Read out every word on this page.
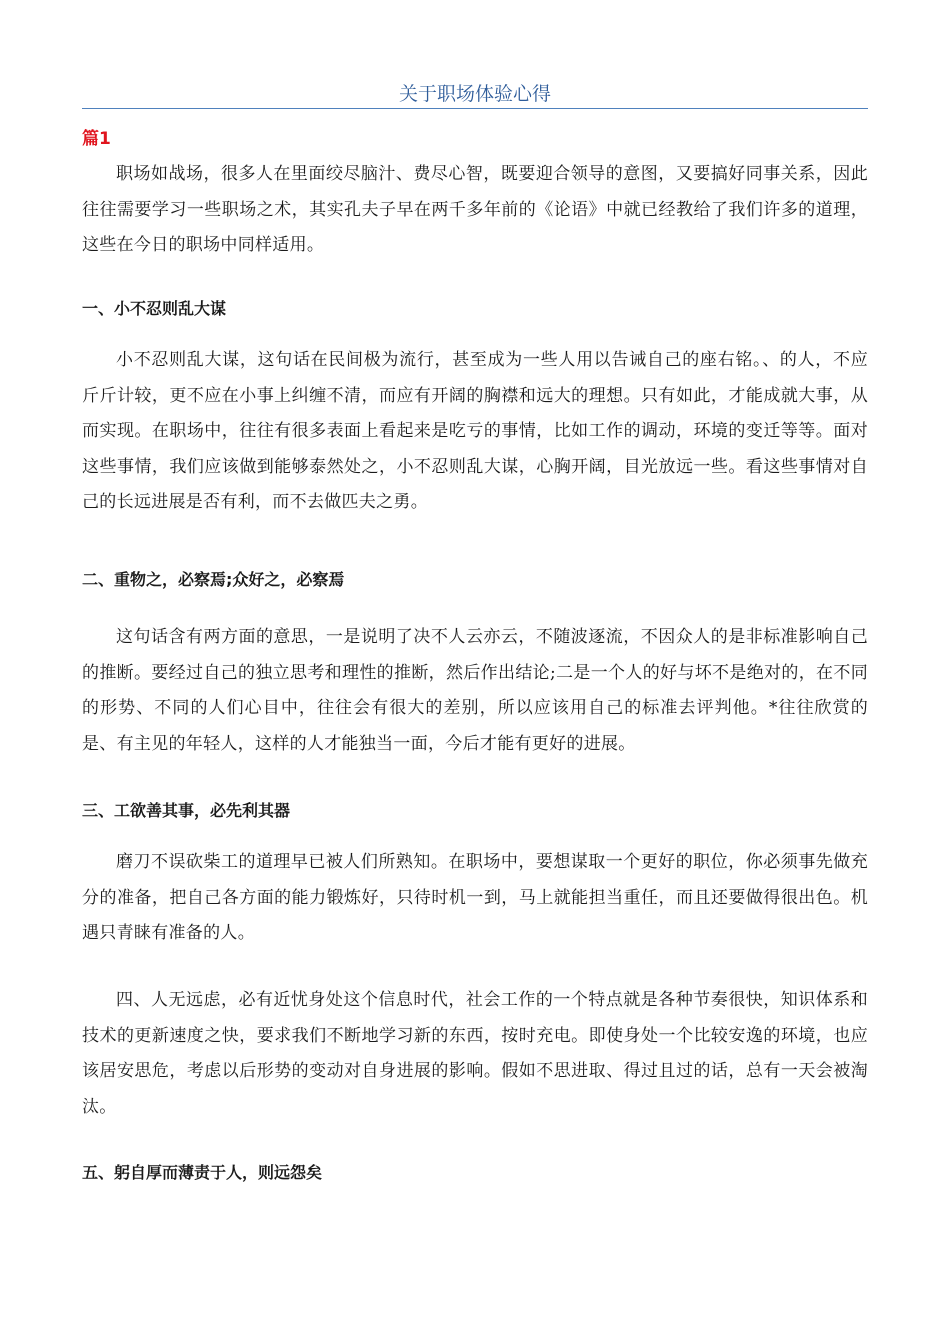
关于职场体验心得
篇1

职场如战场，很多人在里面绞尽脑汁、费尽心智，既要迎合领导的意图，又要搞好同事关系，因此往往需要学习一些职场之术，其实孔夫子早在两千多年前的《论语》中就已经教给了我们许多的道理，这些在今日的职场中同样适用。

一、小不忍则乱大谋

小不忍则乱大谋，这句话在民间极为流行，甚至成为一些人用以告诫自己的座右铭。、的人，不应斤斤计较，更不应在小事上纠缠不清，而应有开阔的胸襟和远大的理想。只有如此，才能成就大事，从而实现。在职场中，往往有很多表面上看起来是吃亏的事情，比如工作的调动，环境的变迁等等。面对这些事情，我们应该做到能够泰然处之，小不忍则乱大谋，心胸开阔，目光放远一些。看这些事情对自己的长远进展是否有利，而不去做匹夫之勇。

二、重物之，必察焉;众好之，必察焉

这句话含有两方面的意思，一是说明了决不人云亦云，不随波逐流，不因众人的是非标准影响自己的推断。要经过自己的独立思考和理性的推断，然后作出结论;二是一个人的好与坏不是绝对的，在不同的形势、不同的人们心目中，往往会有很大的差别，所以应该用自己的标准去评判他。*往往欣赏的是、有主见的年轻人，这样的人才能独当一面，今后才能有更好的进展。

三、工欲善其事，必先利其器

磨刀不误砍柴工的道理早已被人们所熟知。在职场中，要想谋取一个更好的职位，你必须事先做充分的准备，把自己各方面的能力锻炼好，只待时机一到，马上就能担当重任，而且还要做得很出色。机遇只青睐有准备的人。

四、人无远虑，必有近忧身处这个信息时代，社会工作的一个特点就是各种节奏很快，知识体系和技术的更新速度之快，要求我们不断地学习新的东西，按时充电。即使身处一个比较安逸的环境，也应该居安思危，考虑以后形势的变动对自身进展的影响。假如不思进取、得过且过的话，总有一天会被淘汰。

五、躬自厚而薄责于人，则远怨矣
